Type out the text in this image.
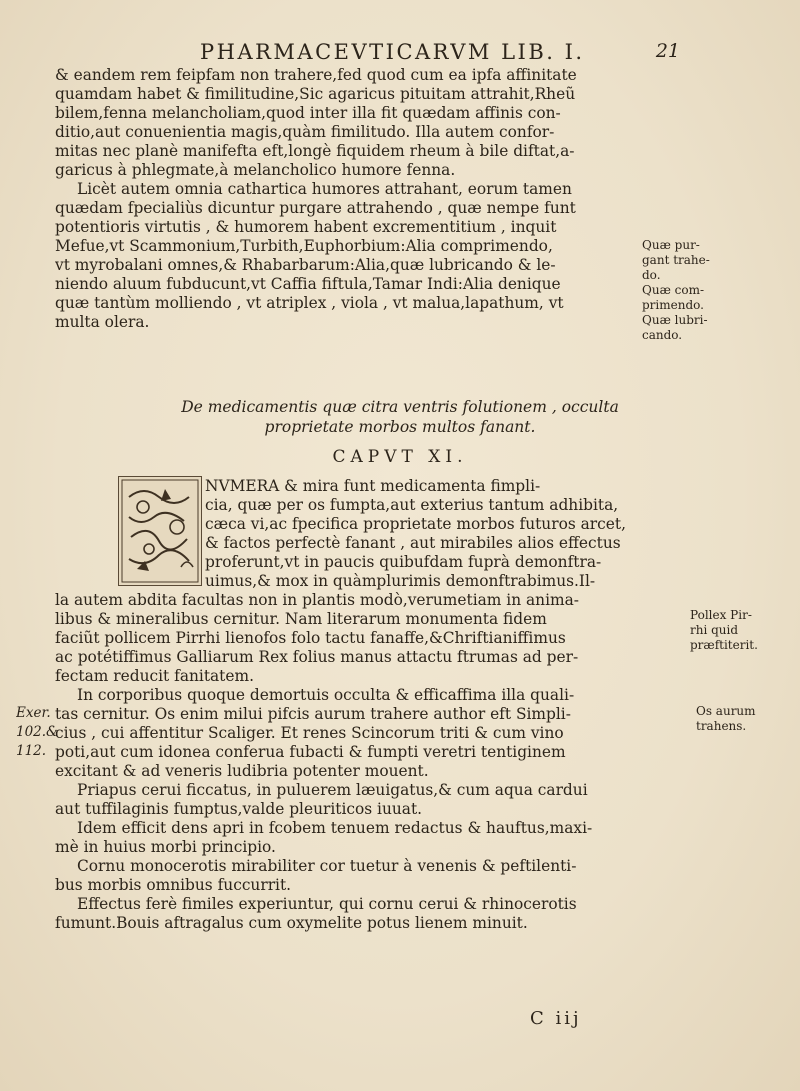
PHARMACEVTICARVM LIB. I.	21
& eandem rem feipfam non trahere,fed quod cum ea ipfa affinitate
quamdam habet & fimilitudine,Sic agaricus pituitam attrahit,Rheũ
bilem,fenna melancholiam,quod inter illa fit quædam affinis con-
ditio,aut conuenientia magis,quàm fimilitudo. Illa autem confor-
mitas nec planè manifefta eft,longè fiquidem rheum à bile diftat,a-
garicus à phlegmate,à melancholico humore fenna.
Licèt autem omnia cathartica humores attrahant, eorum tamen
quædam fpecialiùs dicuntur purgare attrahendo , quæ nempe funt
potentioris virtutis , & humorem habent excrementitium , inquit
Mefue,vt Scammonium,Turbith,Euphorbium:Alia comprimendo,
vt myrobalani omnes,& Rhabarbarum:Alia,quæ lubricando & le-
niendo aluum fubducunt,vt Caffia fiftula,Tamar Indi:Alia denique
quæ tantùm molliendo , vt atriplex , viola , vt malua,lapathum, vt
multa olera.
Quæ pur-
gant trahe-
do.
Quæ com-
primendo.
Quæ lubri-
cando.
De medicamentis quæ citra ventris folutionem , occulta
proprietate morbos multos fanant.
CAPVT XI.
NVMERA & mira funt medicamenta fimpli-
cia, quæ per os fumpta,aut exterius tantum adhibita,
cæca vi,ac fpecifica proprietate morbos futuros arcet,
& factos perfectè fanant , aut mirabiles alios effectus
proferunt,vt in paucis quibufdam fuprà demonftra-
uimus,& mox in quàmplurimis demonftrabimus.Il-
la autem abdita facultas non in plantis modò,verumetiam in anima-
libus & mineralibus cernitur. Nam literarum monumenta fidem
faciũt pollicem Pirrhi lienofos folo tactu fanaffe,&Chriftianiffimus
ac potétiffimus Galliarum Rex folius manus attactu ftrumas ad per-
fectam reducit fanitatem.
In corporibus quoque demortuis occulta & efficaffima illa quali-
tas cernitur. Os enim milui pifcis aurum trahere author eft Simpli-
cius , cui affentitur Scaliger. Et renes Scincorum triti & cum vino
poti,aut cum idonea conferua fubacti & fumpti veretri tentiginem
excitant & ad veneris ludibria potenter mouent.
Priapus cerui ficcatus, in puluerem læuigatus,& cum aqua cardui
aut tuffilaginis fumptus,valde pleuriticos iuuat.
Idem efficit dens apri in fcobem tenuem redactus & hauftus,maxi-
mè in huius morbi principio.
Cornu monocerotis mirabiliter cor tuetur à venenis & peftilenti-
bus morbis omnibus fuccurrit.
Effectus ferè fimiles experiuntur, qui cornu cerui & rhinocerotis
fumunt.Bouis aftragalus cum oxymelite potus lienem minuit.
Pollex Pir-
rhi quid
præftiterit.
Os aurum
trahens.
Exer.
102.&
112.
C iij
